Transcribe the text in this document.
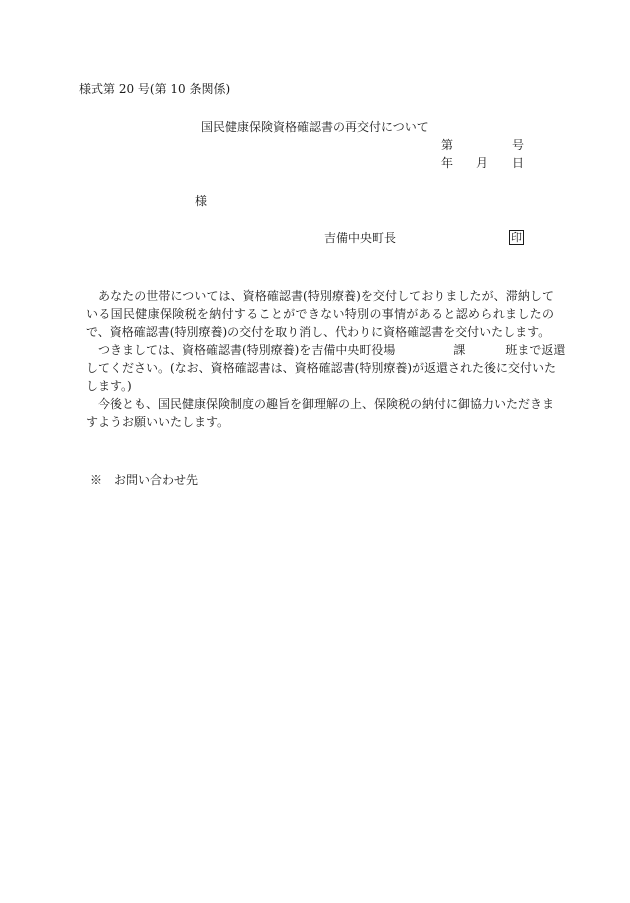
様式第 20 号(第 10 条関係)
国民健康保険資格確認書の再交付について
第	号
年 月 日
様
吉備中央町長	印
あなたの世帯については、資格確認書(特別療養)を交付しておりましたが、滞納して
いる国民健康保険税を納付することができない特別の事情があると認められましたの
で、資格確認書(特別療養)の交付を取り消し、代わりに資格確認書を交付いたします。
つきましては、資格確認書(特別療養)を吉備中央町役場	課	班まで返還
してください。(なお、資格確認書は、資格確認書(特別療養)が返還された後に交付いた
します。)
今後とも、国民健康保険制度の趣旨を御理解の上、保険税の納付に御協力いただきま
すようお願いいたします。
※　お問い合わせ先
